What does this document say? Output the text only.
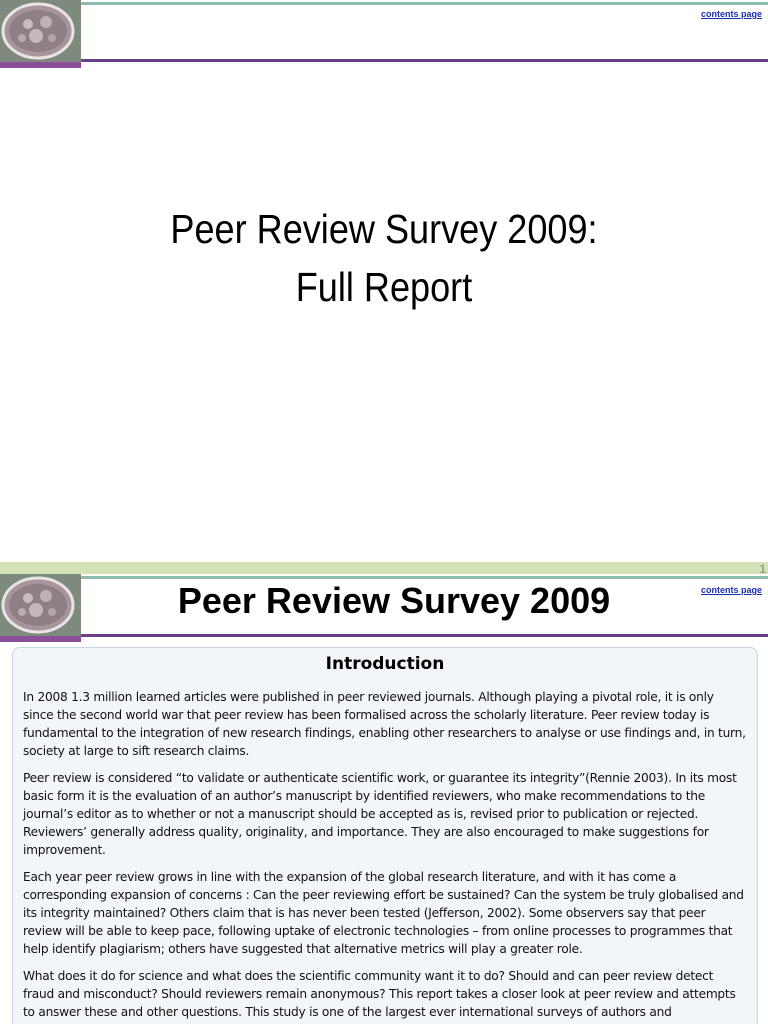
contents page
Peer Review Survey 2009:
Full Report
1
contents page
Peer Review Survey 2009
Introduction

In 2008 1.3 million learned articles were published in peer reviewed journals. Although playing a pivotal role, it is only since the second world war that peer review has been formalised across the scholarly literature. Peer review today is fundamental to the integration of new research findings, enabling other researchers to analyse or use findings and, in turn, society at large to sift research claims.

Peer review is considered “to validate or authenticate scientific work, or guarantee its integrity”(Rennie 2003). In its most basic form it is the evaluation of an author’s manuscript by identified reviewers, who make recommendations to the journal’s editor as to whether or not a manuscript should be accepted as is, revised prior to publication or rejected. Reviewers’ generally address quality, originality, and importance. They are also encouraged to make suggestions for improvement.

Each year peer review grows in line with the expansion of the global research literature, and with it has come a corresponding expansion of concerns : Can the peer reviewing effort be sustained? Can the system be truly globalised and its integrity maintained? Others claim that is has never been tested (Jefferson, 2002). Some observers say that peer review will be able to keep pace, following uptake of electronic technologies – from online processes to programmes that help identify plagiarism; others have suggested that alternative metrics will play a greater role.

What does it do for science and what does the scientific community want it to do? Should and can peer review detect fraud and misconduct? Should reviewers remain anonymous? This report takes a closer look at peer review and attempts to answer these and other questions. This study is one of the largest ever international surveys of authors and
